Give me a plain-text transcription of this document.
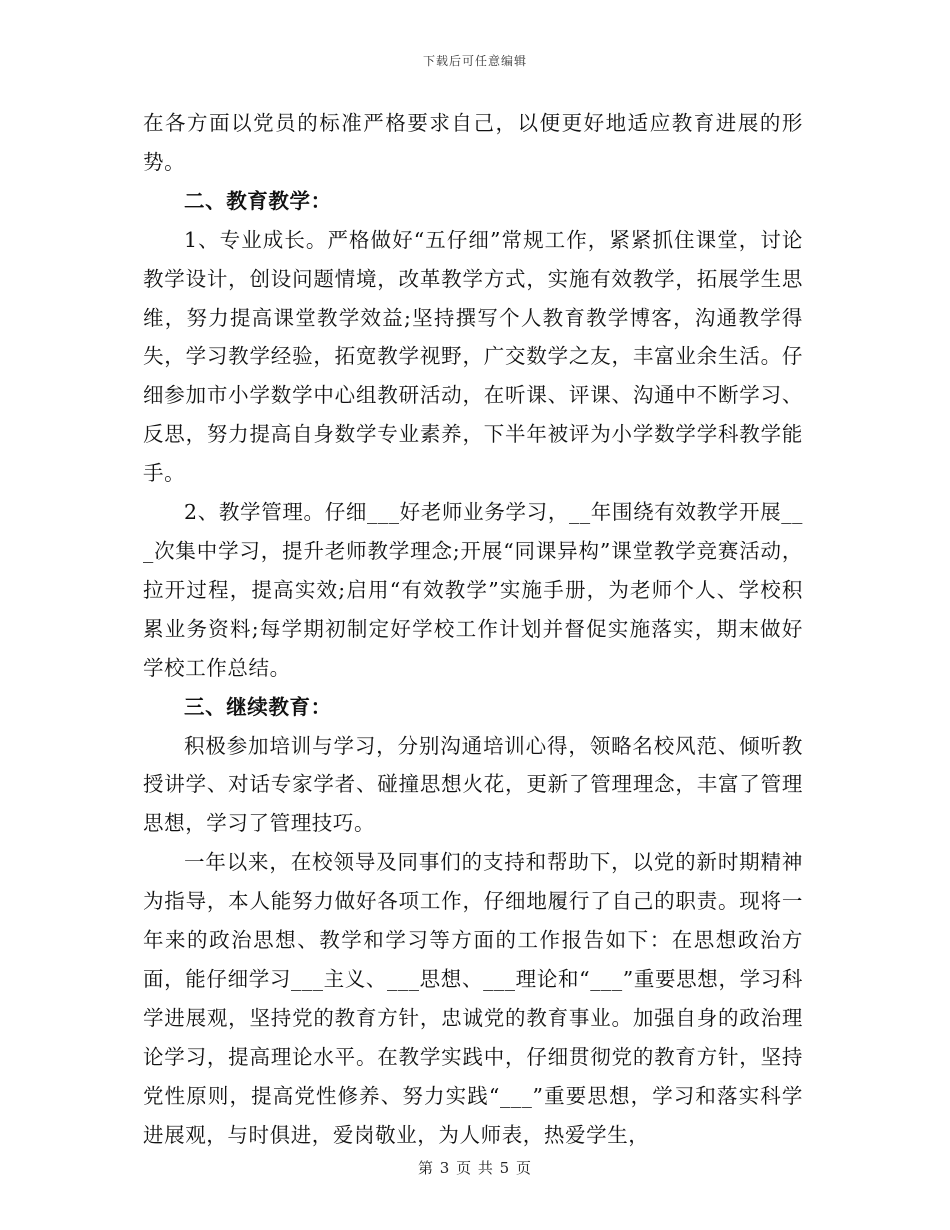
下载后可任意编辑

在各方面以党员的标准严格要求自己，以便更好地适应教育进展的形势。

二、教育教学：

1、专业成长。严格做好“五仔细”常规工作，紧紧抓住课堂，讨论教学设计，创设问题情境，改革教学方式，实施有效教学，拓展学生思维，努力提高课堂教学效益;坚持撰写个人教育教学博客，沟通教学得失，学习教学经验，拓宽教学视野，广交数学之友，丰富业余生活。仔细参加市小学数学中心组教研活动，在听课、评课、沟通中不断学习、反思，努力提高自身数学专业素养，下半年被评为小学数学学科教学能手。

2、教学管理。仔细___好老师业务学习，__年围绕有效教学开展___次集中学习，提升老师教学理念;开展“同课异构”课堂教学竞赛活动，拉开过程，提高实效;启用“有效教学”实施手册，为老师个人、学校积累业务资料;每学期初制定好学校工作计划并督促实施落实，期末做好学校工作总结。

三、继续教育：

积极参加培训与学习，分别沟通培训心得，领略名校风范、倾听教授讲学、对话专家学者、碰撞思想火花，更新了管理理念，丰富了管理思想，学习了管理技巧。

一年以来，在校领导及同事们的支持和帮助下，以党的新时期精神为指导，本人能努力做好各项工作，仔细地履行了自己的职责。现将一年来的政治思想、教学和学习等方面的工作报告如下：在思想政治方面，能仔细学习___主义、___思想、___理论和“___”重要思想，学习科学进展观，坚持党的教育方针，忠诚党的教育事业。加强自身的政治理论学习，提高理论水平。在教学实践中，仔细贯彻党的教育方针，坚持党性原则，提高党性修养、努力实践“___”重要思想，学习和落实科学进展观，与时俱进，爱岗敬业，为人师表，热爱学生，

第 3 页 共 5 页
